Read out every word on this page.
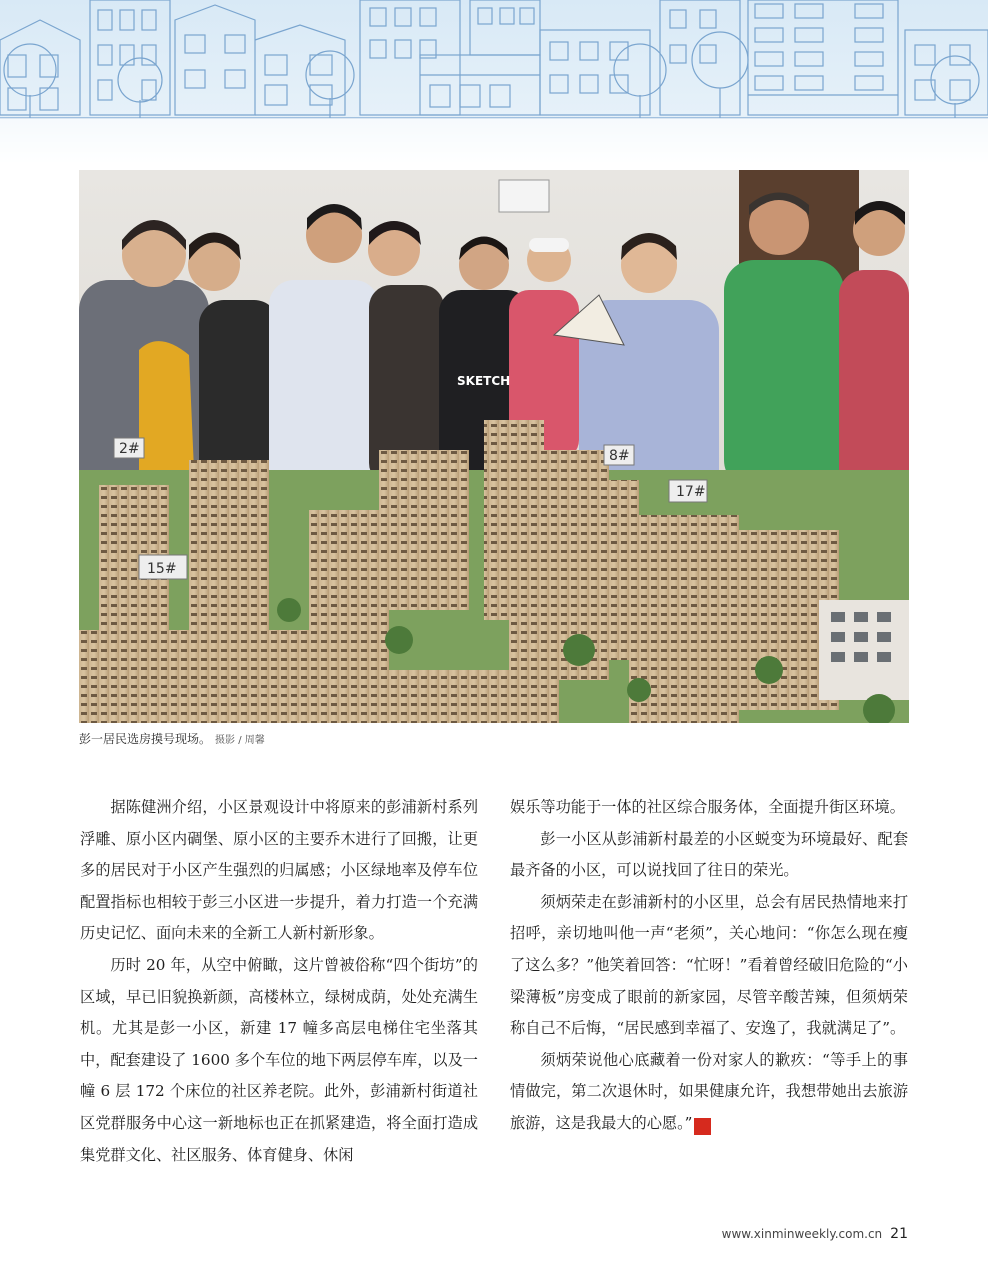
15#
17#
8#
2#
SKETCH
彭一居民选房摸号现场。 摄影 / 周馨

据陈健洲介绍，小区景观设计中将原来的彭浦新村系列浮雕、原小区内碉堡、原小区的主要乔木进行了回搬，让更多的居民对于小区产生强烈的归属感；小区绿地率及停车位配置指标也相较于彭三小区进一步提升，着力打造一个充满历史记忆、面向未来的全新工人新村新形象。

历时 20 年，从空中俯瞰，这片曾被俗称“四个街坊”的区域，早已旧貌换新颜，高楼林立，绿树成荫，处处充满生机。尤其是彭一小区，新建 17 幢多高层电梯住宅坐落其中，配套建设了 1600 多个车位的地下两层停车库，以及一幢 6 层 172 个床位的社区养老院。此外，彭浦新村街道社区党群服务中心这一新地标也正在抓紧建造，将全面打造成集党群文化、社区服务、体育健身、休闲

娱乐等功能于一体的社区综合服务体，全面提升街区环境。

彭一小区从彭浦新村最差的小区蜕变为环境最好、配套最齐备的小区，可以说找回了往日的荣光。

须炳荣走在彭浦新村的小区里，总会有居民热情地来打招呼，亲切地叫他一声“老须”，关心地问：“你怎么现在瘦了这么多？”他笑着回答：“忙呀！”看着曾经破旧危险的“小梁薄板”房变成了眼前的新家园，尽管辛酸苦辣，但须炳荣称自己不后悔，“居民感到幸福了、安逸了，我就满足了”。

须炳荣说他心底藏着一份对家人的歉疚：“等手上的事情做完，第二次退休时，如果健康允许，我想带她出去旅游旅游，这是我最大的心愿。”	民

www.xinminweekly.com.cn 21
